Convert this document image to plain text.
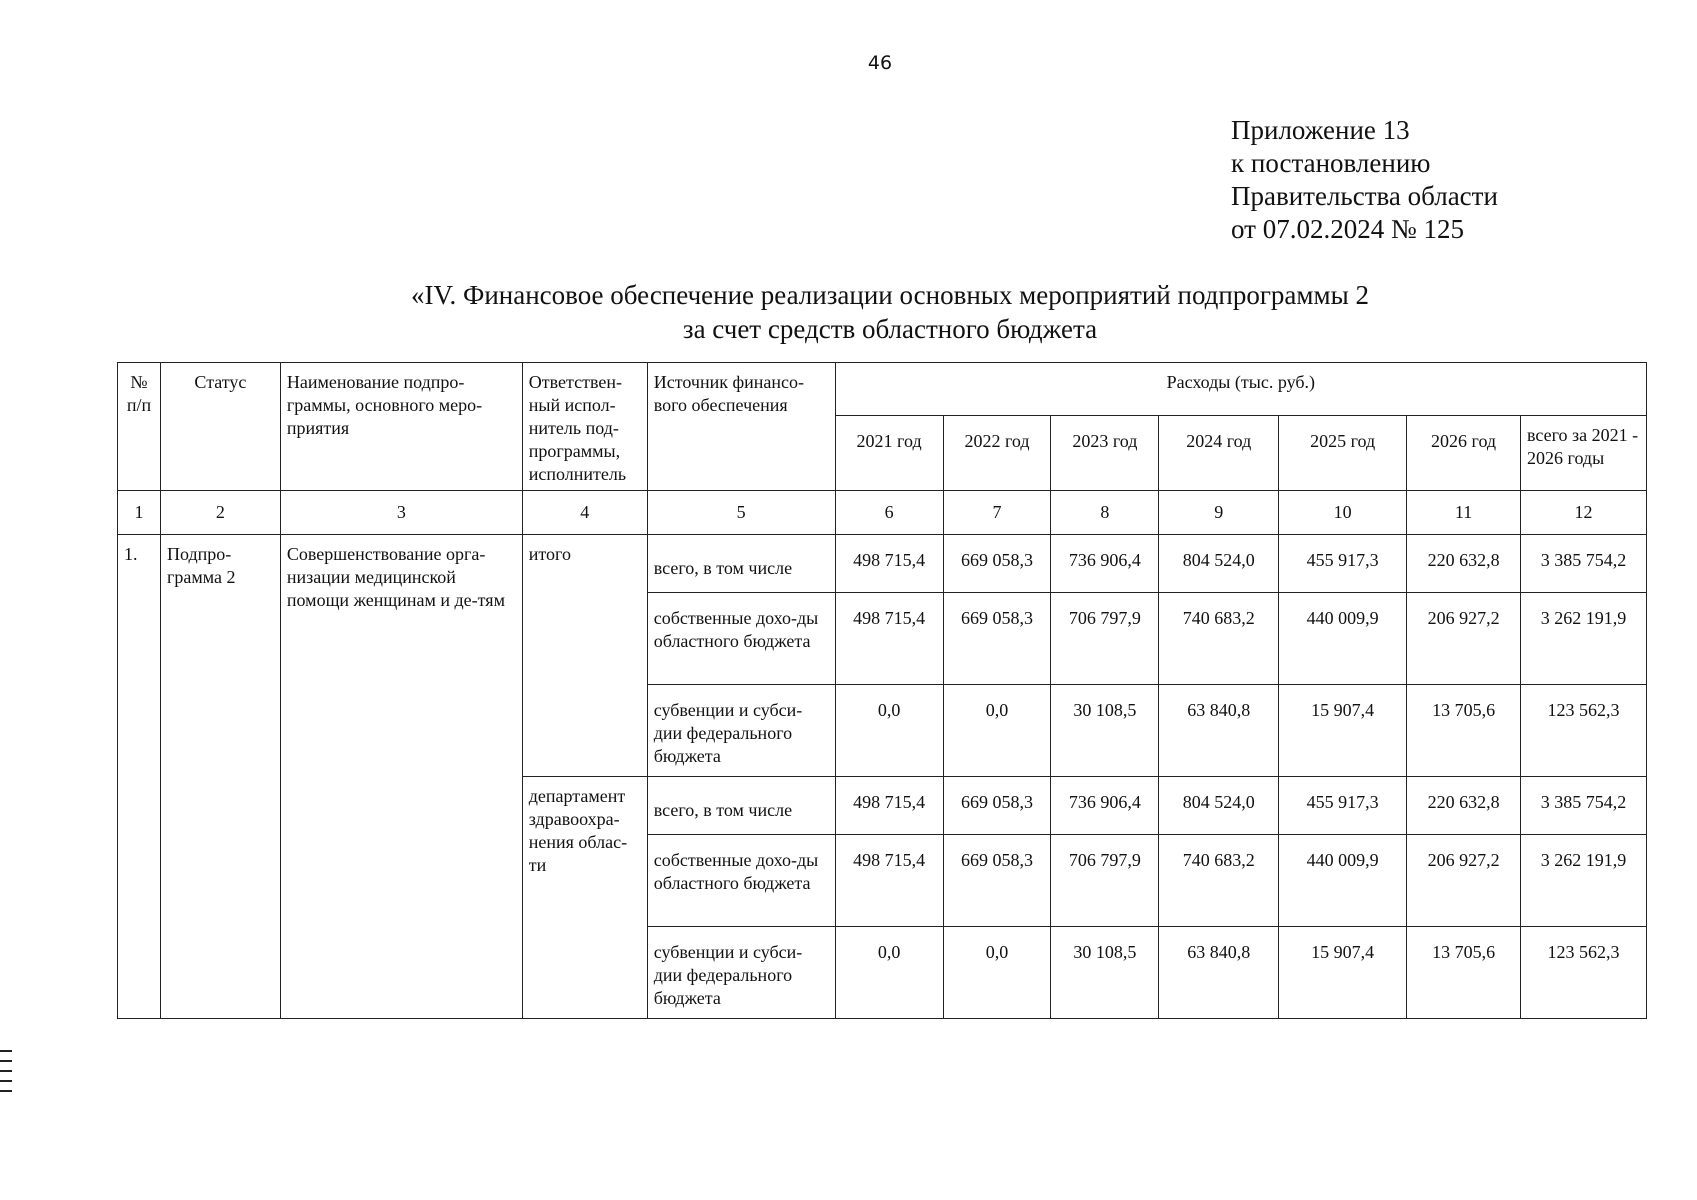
46
Приложение 13
к постановлению
Правительства области
от 07.02.2024 № 125
«IV. Финансовое обеспечение реализации основных мероприятий подпрограммы 2
за счет средств областного бюджета
№ п/п	Статус	Наименование подпро-граммы, основного меро-приятия	Ответствен-ный испол-нитель под-программы, исполнитель	Источник финансо-вого обеспечения	Расходы (тыс. руб.)						
					2021 год	2022 год	2023 год	2024 год	2025 год	2026 год	всего за 2021 - 2026 годы
1	2	3	4	5	6	7	8	9	10	11	12
1.	Подпро-грамма 2	Совершенствование орга-низации медицинской помощи женщинам и де-тям	итого	всего, в том числе	498 715,4	669 058,3	736 906,4	804 524,0	455 917,3	220 632,8	3 385 754,2
				собственные дохо-ды областного бюджета	498 715,4	669 058,3	706 797,9	740 683,2	440 009,9	206 927,2	3 262 191,9
				субвенции и субси-дии федерального бюджета	0,0	0,0	30 108,5	63 840,8	15 907,4	13 705,6	123 562,3
			департамент здравоохра-нения облас-ти	всего, в том числе	498 715,4	669 058,3	736 906,4	804 524,0	455 917,3	220 632,8	3 385 754,2
				собственные дохо-ды областного бюджета	498 715,4	669 058,3	706 797,9	740 683,2	440 009,9	206 927,2	3 262 191,9
				субвенции и субси-дии федерального бюджета	0,0	0,0	30 108,5	63 840,8	15 907,4	13 705,6	123 562,3
